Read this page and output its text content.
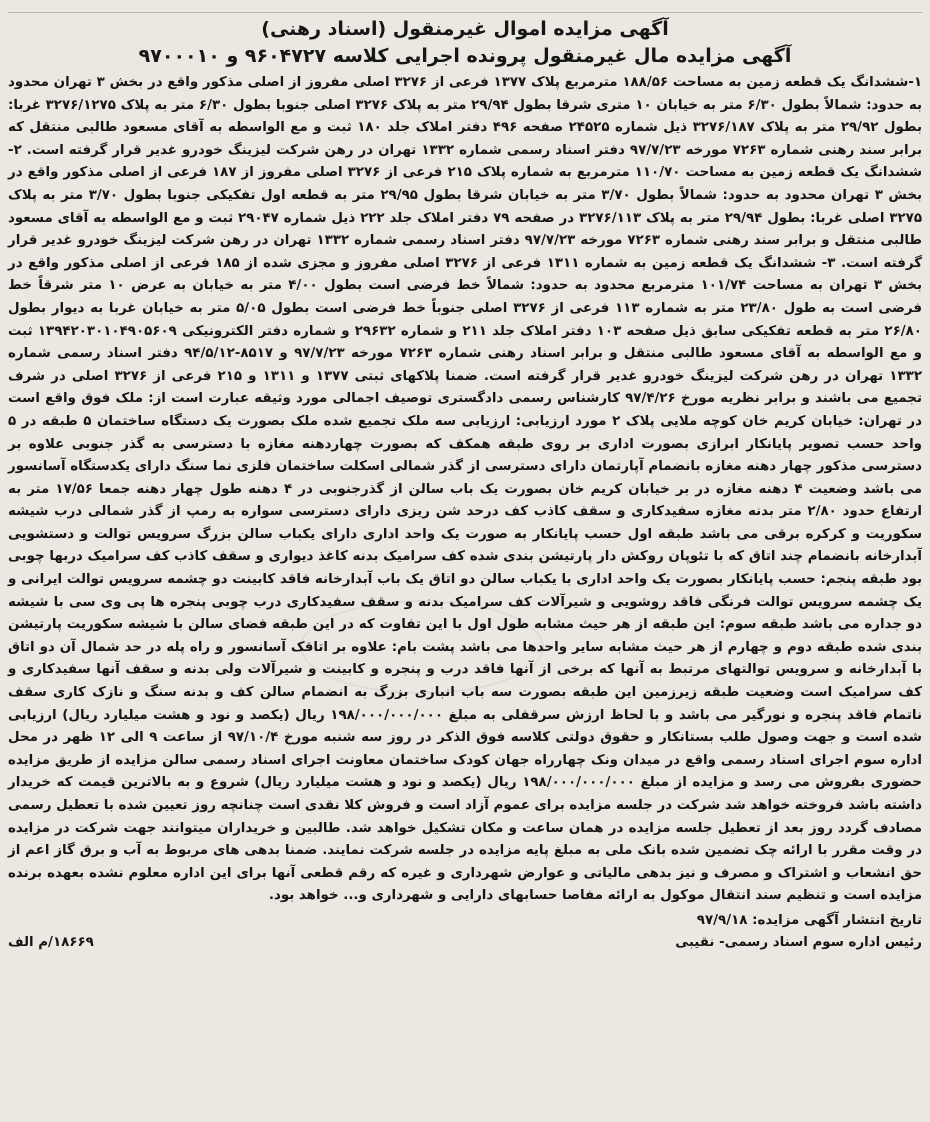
آگهی مزایده اموال غیرمنقول (اسناد رهنی)
آگهی مزایده مال غیرمنقول پرونده اجرایی کلاسه ۹۶۰۴۷۲۷ و ۹۷۰۰۰۱۰

۱-ششدانگ یک قطعه زمین به مساحت ۱۸۸/۵۶ مترمربع پلاک ۱۳۷۷ فرعی از ۳۲۷۶ اصلی مفروز از اصلی مذکور واقع در بخش ۳ تهران محدود به حدود: شمالاً بطول ۶/۳۰ متر به خیابان ۱۰ متری شرقا بطول ۲۹/۹۴ متر به پلاک ۳۲۷۶ اصلی جنوبا بطول ۶/۳۰ متر به پلاک ۳۲۷۶/۱۲۷۵ غربا: بطول ۲۹/۹۲ متر به پلاک ۳۲۷۶/۱۸۷ ذیل شماره ۲۴۵۲۵ صفحه ۴۹۶ دفتر املاک جلد ۱۸۰ ثبت و مع الواسطه به آقای مسعود طالبی منتقل که برابر سند رهنی شماره ۷۲۶۳ مورخه ۹۷/۷/۲۳ دفتر اسناد رسمی شماره ۱۳۳۲ تهران در رهن شرکت لیزینگ خودرو غدیر قرار گرفته است. ۲- ششدانگ یک قطعه زمین به مساحت ۱۱۰/۷۰ مترمربع به شماره پلاک ۲۱۵ فرعی از ۳۲۷۶ اصلی مفروز از ۱۸۷ فرعی از اصلی مذکور واقع در بخش ۳ تهران محدود به حدود: شمالاً بطول ۳/۷۰ متر به خیابان شرقا بطول ۲۹/۹۵ متر به قطعه اول تفکیکی جنوبا بطول ۳/۷۰ متر به پلاک ۳۲۷۵ اصلی غربا: بطول ۲۹/۹۴ متر به پلاک ۳۲۷۶/۱۱۳ در صفحه ۷۹ دفتر املاک جلد ۲۲۲ ذیل شماره ۲۹۰۴۷ ثبت و مع الواسطه به آقای مسعود طالبی منتقل و برابر سند رهنی شماره ۷۲۶۳ مورخه ۹۷/۷/۲۳ دفتر اسناد رسمی شماره ۱۳۳۲ تهران در رهن شرکت لیزینگ خودرو غدیر قرار گرفته است. ۳- ششدانگ یک قطعه زمین به شماره ۱۳۱۱ فرعی از ۳۲۷۶ اصلی مفروز و مجزی شده از ۱۸۵ فرعی از اصلی مذکور واقع در بخش ۳ تهران به مساحت ۱۰۱/۷۴ مترمربع محدود به حدود: شمالاً خط فرضی است بطول ۴/۰۰ متر به خیابان به عرض ۱۰ متر شرقاً خط فرضی است به طول ۲۳/۸۰ متر به شماره ۱۱۳ فرعی از ۳۲۷۶ اصلی جنوباً خط فرضی است بطول ۵/۰۵ متر به خیابان غربا به دیوار بطول ۲۶/۸۰ متر به قطعه تفکیکی سابق ذیل صفحه ۱۰۳ دفتر املاک جلد ۲۱۱ و شماره ۲۹۶۳۲ و شماره دفتر الکترونیکی ۱۳۹۴۲۰۳۰۱۰۴۹۰۵۶۰۹ ثبت و مع الواسطه به آقای مسعود طالبی منتقل و برابر اسناد رهنی شماره ۷۲۶۳ مورخه ۹۷/۷/۲۳ و ۸۵۱۷-۹۴/۵/۱۲ دفتر اسناد رسمی شماره ۱۳۳۲ تهران در رهن شرکت لیزینگ خودرو غدیر قرار گرفته است. ضمنا پلاکهای ثبتی ۱۳۷۷ و ۱۳۱۱ و ۲۱۵ فرعی از ۳۲۷۶ اصلی در شرف تجمیع می باشند و برابر نظریه مورخ ۹۷/۴/۲۶ کارشناس رسمی دادگستری توصیف اجمالی مورد وثیقه عبارت است از: ملک فوق واقع است در تهران: خیابان کریم خان کوچه ملایی پلاک ۲ مورد ارزیابی: ارزیابی سه ملک تجمیع شده ملک بصورت یک دستگاه ساختمان ۵ طبقه در ۵ واحد حسب تصویر پایانکار ابرازی بصورت اداری بر روی طبقه همکف که بصورت چهاردهنه مغازه با دسترسی به گذر جنوبی علاوه بر دسترسی مذکور چهار دهنه مغازه بانضمام آپارتمان دارای دسترسی از گذر شمالی اسکلت ساختمان فلزی نما سنگ دارای یکدستگاه آسانسور می باشد وضعیت ۴ دهنه مغازه در بر خیابان کریم خان بصورت یک باب سالن از گذرجنوبی در ۴ دهنه طول چهار دهنه جمعا ۱۷/۵۶ متر به ارتفاع حدود ۲/۸۰ متر بدنه مغازه سفیدکاری و سقف کاذب کف درحد شن ریزی دارای دسترسی سواره به رمپ از گذر شمالی درب شیشه سکوریت و کرکره برقی می باشد طبقه اول حسب پایانکار به صورت یک واحد اداری دارای یکباب سالن بزرگ سرویس توالت و دستشویی آبدارخانه بانضمام چند اتاق که با تئوپان روکش دار پارتیشن بندی شده کف سرامیک بدنه کاغذ دیواری و سقف کاذب کف سرامیک دربها چوبی بود طبقه پنجم: حسب پایانکار بصورت یک واحد اداری با یکباب سالن دو اتاق یک باب آبدارخانه فاقد کابینت دو چشمه سرویس توالت ایرانی و یک چشمه سرویس توالت فرنگی فاقد روشویی و شیرآلات کف سرامیک بدنه و سقف سفیدکاری درب چوبی پنجره ها پی وی سی با شیشه دو جداره می باشد طبقه سوم: این طبقه از هر حیث مشابه طول اول با این تفاوت که در این طبقه فضای سالن با شیشه سکوریت پارتیشن بندی شده طبقه دوم و چهارم از هر حیث مشابه سایر واحدها می باشد پشت بام: علاوه بر اتاقک آسانسور و راه پله در حد شمال آن دو اتاق با آبدارخانه و سرویس توالتهای مرتبط به آنها که برخی از آنها فاقد درب و پنجره و کابینت و شیرآلات ولی بدنه و سقف آنها سفیدکاری و کف سرامیک است وضعیت طبقه زیرزمین این طبقه بصورت سه باب انباری بزرگ به انضمام سالن کف و بدنه سنگ و نازک کاری سقف ناتمام فاقد پنجره و نورگیر می باشد و با لحاظ ارزش سرقفلی به مبلغ ۱۹۸/۰۰۰/۰۰۰/۰۰۰ ریال (یکصد و نود و هشت میلیارد ریال) ارزیابی شده است و جهت وصول طلب بستانکار و حقوق دولتی کلاسه فوق الذکر در روز سه شنبه مورخ ۹۷/۱۰/۴ از ساعت ۹ الی ۱۲ ظهر در محل اداره سوم اجرای اسناد رسمی واقع در میدان ونک چهارراه جهان کودک ساختمان معاونت اجرای اسناد رسمی سالن مزایده از طریق مزایده حضوری بفروش می رسد و مزایده از مبلغ ۱۹۸/۰۰۰/۰۰۰/۰۰۰ ریال (یکصد و نود و هشت میلیارد ریال) شروع و به بالاترین قیمت که خریدار داشته باشد فروخته خواهد شد شرکت در جلسه مزایده برای عموم آزاد است و فروش کلا نقدی است چنانچه روز تعیین شده با تعطیل رسمی مصادف گردد روز بعد از تعطیل جلسه مزایده در همان ساعت و مکان تشکیل خواهد شد. طالبین و خریداران میتوانند جهت شرکت در مزایده در وقت مقرر با ارائه چک تضمین شده بانک ملی به مبلغ پایه مزایده در جلسه شرکت نمایند. ضمنا بدهی های مربوط به آب و برق گاز اعم از حق انشعاب و اشتراک و مصرف و نیز بدهی مالیاتی و عوارض شهرداری و غیره که رقم قطعی آنها برای این اداره معلوم نشده بعهده برنده مزایده است و تنظیم سند انتقال موکول به ارائه مفاصا حسابهای دارایی و شهرداری و... خواهد بود.

تاریخ انتشار آگهی مزایده: ۹۷/۹/۱۸
رئیس اداره سوم اسناد رسمی- نقیبی
۱۸۶۶۹/م الف
